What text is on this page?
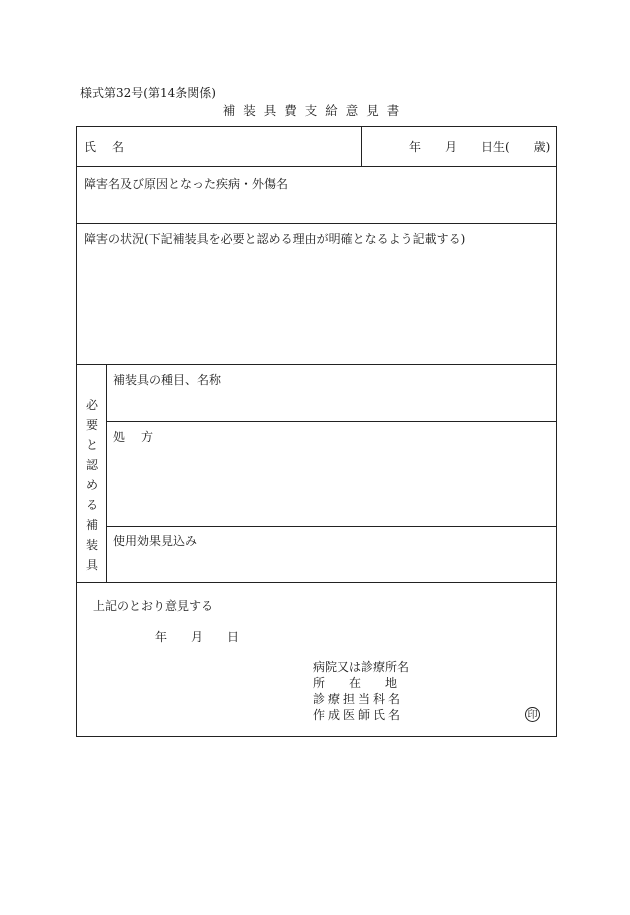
様式第32号(第14条関係)
補装具費支給意見書
氏　名	年　　月　　日生(　　歳)
障害名及び原因となった疾病・外傷名
障害の状況(下記補装具を必要と認める理由が明確となるよう記載する)
必
要
と
認
め
る
補
装
具
補装具の種目、名称
処　方
使用効果見込み
上記のとおり意見する
年　　月　　日
病院又は診療所名
所　　在　　地
診療担当科名
作成医師氏名	印
